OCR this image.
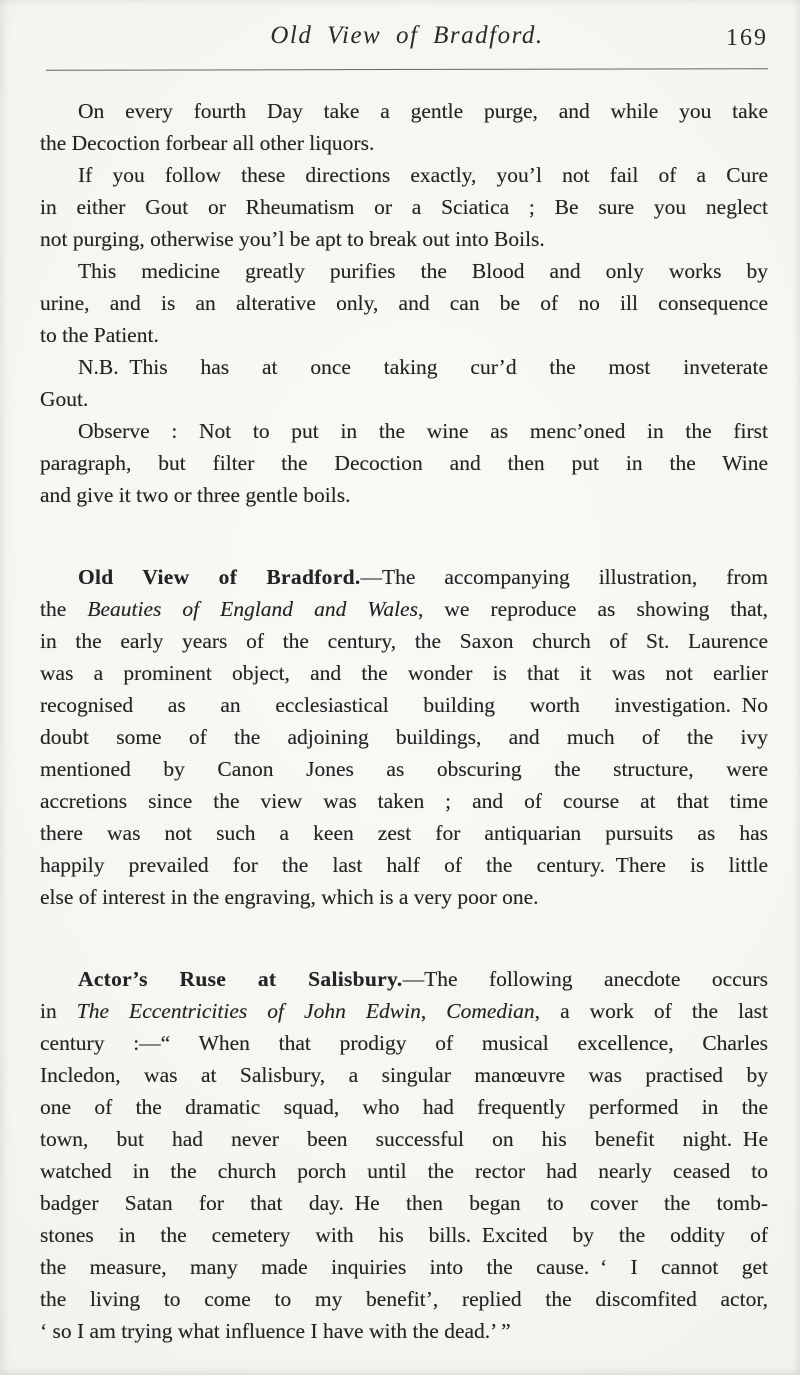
Old View of Bradford.	169
On every fourth Day take a gentle purge, and while you take
the Decoction forbear all other liquors.
If you follow these directions exactly, you’l not fail of a Cure
in either Gout or Rheumatism or a Sciatica ; Be sure you neglect
not purging, otherwise you’l be apt to break out into Boils.
This medicine greatly purifies the Blood and only works by
urine, and is an alterative only, and can be of no ill consequence
to the Patient.
N.B. This has at once taking cur’d the most inveterate
Gout.
Observe : Not to put in the wine as menc’oned in the first
paragraph, but filter the Decoction and then put in the Wine
and give it two or three gentle boils.
Old View of Bradford.—The accompanying illustration, from
the Beauties of England and Wales, we reproduce as showing that,
in the early years of the century, the Saxon church of St. Laurence
was a prominent object, and the wonder is that it was not earlier
recognised as an ecclesiastical building worth investigation. No
doubt some of the adjoining buildings, and much of the ivy
mentioned by Canon Jones as obscuring the structure, were
accretions since the view was taken ; and of course at that time
there was not such a keen zest for antiquarian pursuits as has
happily prevailed for the last half of the century. There is little
else of interest in the engraving, which is a very poor one.
Actor’s Ruse at Salisbury.—The following anecdote occurs
in The Eccentricities of John Edwin, Comedian, a work of the last
century :—“ When that prodigy of musical excellence, Charles
Incledon, was at Salisbury, a singular manœuvre was practised by
one of the dramatic squad, who had frequently performed in the
town, but had never been successful on his benefit night. He
watched in the church porch until the rector had nearly ceased to
badger Satan for that day. He then began to cover the tomb-
stones in the cemetery with his bills. Excited by the oddity of
the measure, many made inquiries into the cause. ‘ I cannot get
the living to come to my benefit’, replied the discomfited actor,
‘ so I am trying what influence I have with the dead.’ ”
